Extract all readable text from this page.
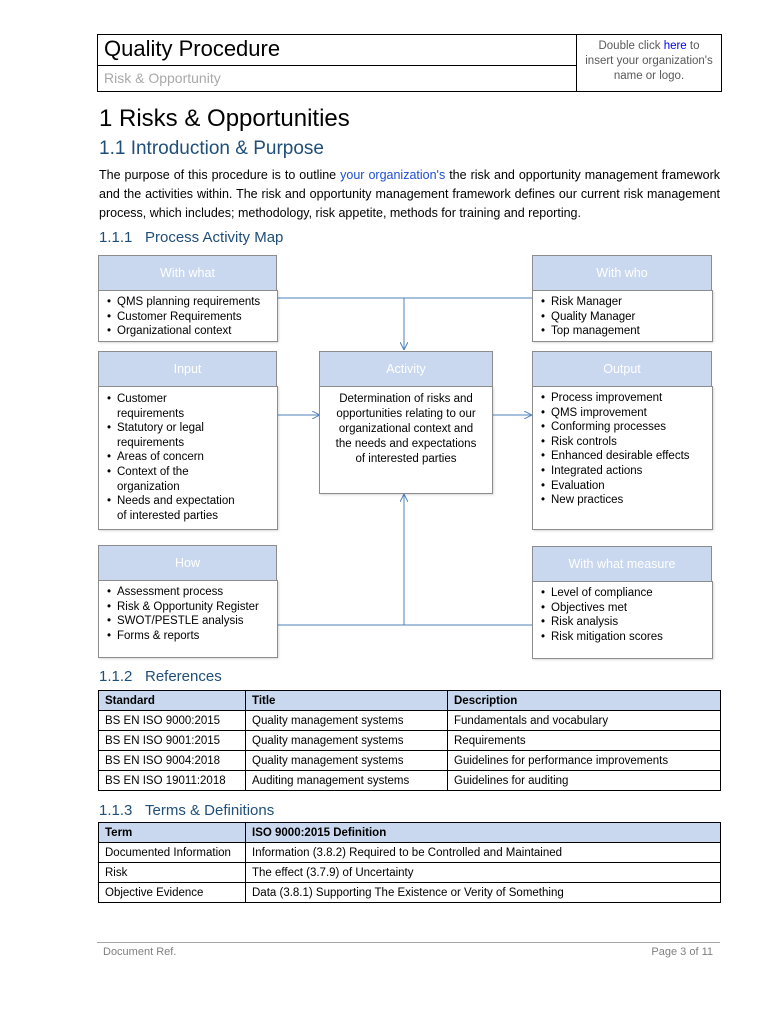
Quality Procedure
Risk & Opportunity
Double click here to
insert your organization's
name or logo.
1 Risks & Opportunities
1.1 Introduction & Purpose
The purpose of this procedure is to outline your organization's the risk and opportunity management framework and the activities within. The risk and opportunity management framework defines our current risk management process, which includes; methodology, risk appetite, methods for training and reporting.
1.1.1 Process Activity Map
• QMS planning requirements
• Customer Requirements
• Organizational context
With what
• Risk Manager
• Quality Manager
• Top management
With who
• Customer requirements
• Statutory or legal requirements
• Areas of concern
• Context of the organization
• Needs and expectation of interested parties
Input
Determination of risks and opportunities relating to our organizational context and the needs and expectations of interested parties
Activity
• Process improvement
• QMS improvement
• Conforming processes
• Risk controls
• Enhanced desirable effects
• Integrated actions
• Evaluation
• New practices
Output
• Assessment process
• Risk & Opportunity Register
• SWOT/PESTLE analysis
• Forms & reports
How
• Level of compliance
• Objectives met
• Risk analysis
• Risk mitigation scores
With what measure
1.1.2 References
Standard	Title	Description
BS EN ISO 9000:2015	Quality management systems	Fundamentals and vocabulary
BS EN ISO 9001:2015	Quality management systems	Requirements
BS EN ISO 9004:2018	Quality management systems	Guidelines for performance improvements
BS EN ISO 19011:2018	Auditing management systems	Guidelines for auditing
1.1.3 Terms & Definitions
Term	ISO 9000:2015 Definition
Documented Information	Information (3.8.2) Required to be Controlled and Maintained
Risk	The effect (3.7.9) of Uncertainty
Objective Evidence	Data (3.8.1) Supporting The Existence or Verity of Something
Document Ref.	Page 3 of 11
